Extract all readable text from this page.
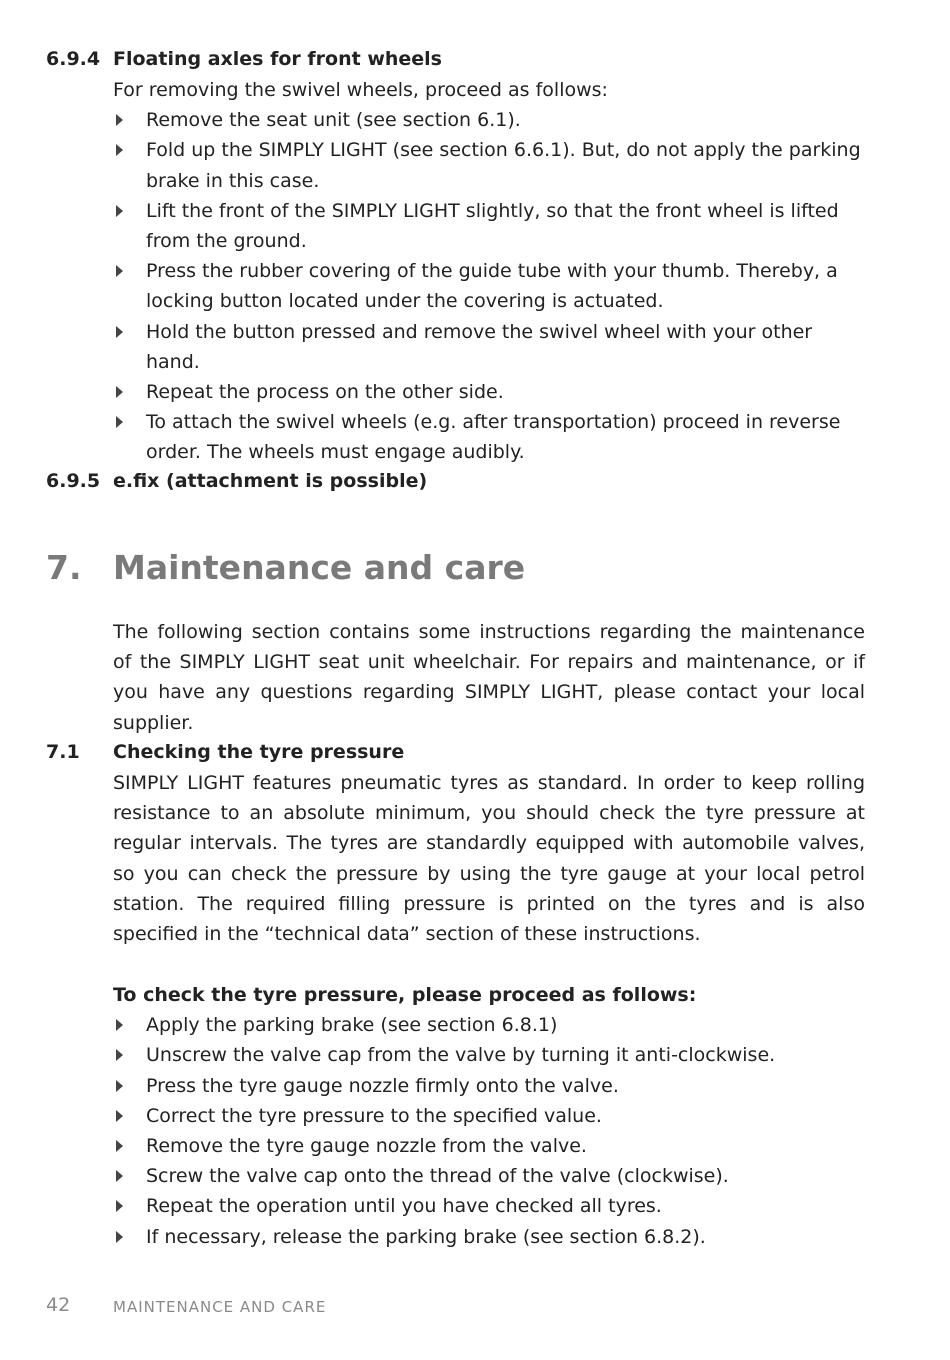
6.9.4 Floating axles for front wheels
For removing the swivel wheels, proceed as follows:
Remove the seat unit (see section 6.1).
Fold up the SIMPLY LIGHT (see section 6.6.1). But, do not apply the parking brake in this case.
Lift the front of the SIMPLY LIGHT slightly, so that the front wheel is lifted from the ground.
Press the rubber covering of the guide tube with your thumb. Thereby, a locking button located under the covering is actuated.
Hold the button pressed and remove the swivel wheel with your other hand.
Repeat the process on the other side.
To attach the swivel wheels (e.g. after transportation) proceed in reverse order. The wheels must engage audibly.
6.9.5 e.fix (attachment is possible)
7. Maintenance and care
The following section contains some instructions regarding the maintenance of the SIMPLY LIGHT seat unit wheelchair. For repairs and maintenance, or if you have any questions regarding SIMPLY LIGHT, please contact your local supplier.
7.1 Checking the tyre pressure
SIMPLY LIGHT features pneumatic tyres as standard. In order to keep rolling resistance to an absolute minimum, you should check the tyre pressure at regular intervals. The tyres are standardly equipped with automobile valves, so you can check the pressure by using the tyre gauge at your local petrol station. The required filling pressure is printed on the tyres and is also specified in the “technical data” section of these instructions.
To check the tyre pressure, please proceed as follows:
Apply the parking brake (see section 6.8.1)
Unscrew the valve cap from the valve by turning it anti-clockwise.
Press the tyre gauge nozzle firmly onto the valve.
Correct the tyre pressure to the specified value.
Remove the tyre gauge nozzle from the valve.
Screw the valve cap onto the thread of the valve (clockwise).
Repeat the operation until you have checked all tyres.
If necessary, release the parking brake (see section 6.8.2).
42	MAINTENANCE AND CARE
